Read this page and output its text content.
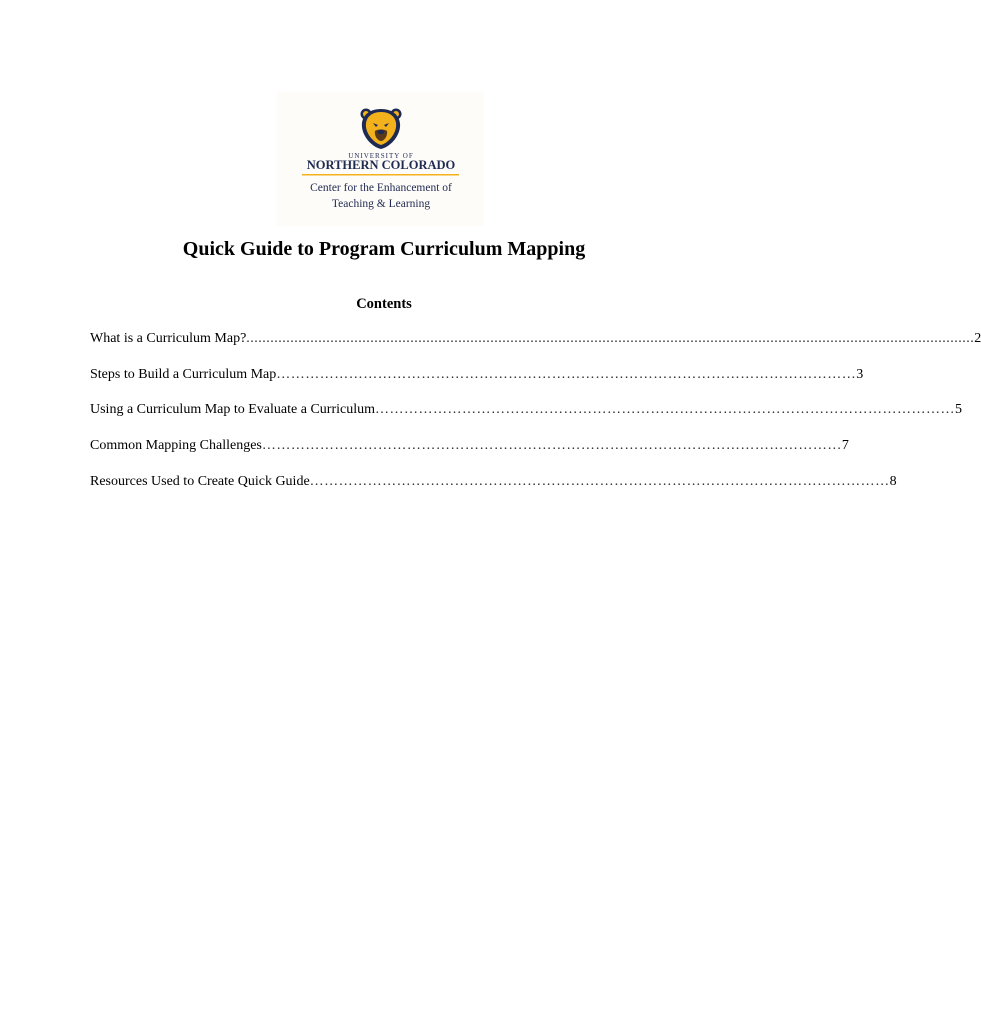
UNIVERSITY OF
NORTHERN COLORADO
Center for the Enhancement of
Teaching & Learning
Quick Guide to Program Curriculum Mapping
Contents
What is a Curriculum Map? ...................................................................................................................................................................................... 2
Steps to Build a Curriculum Map ………………………………………………………………………………………………………… 3
Using a Curriculum Map to Evaluate a Curriculum ………………………………………………………………………………………………………… 5
Common Mapping Challenges ………………………………………………………………………………………………………… 7
Resources Used to Create Quick Guide ………………………………………………………………………………………………………… 8
